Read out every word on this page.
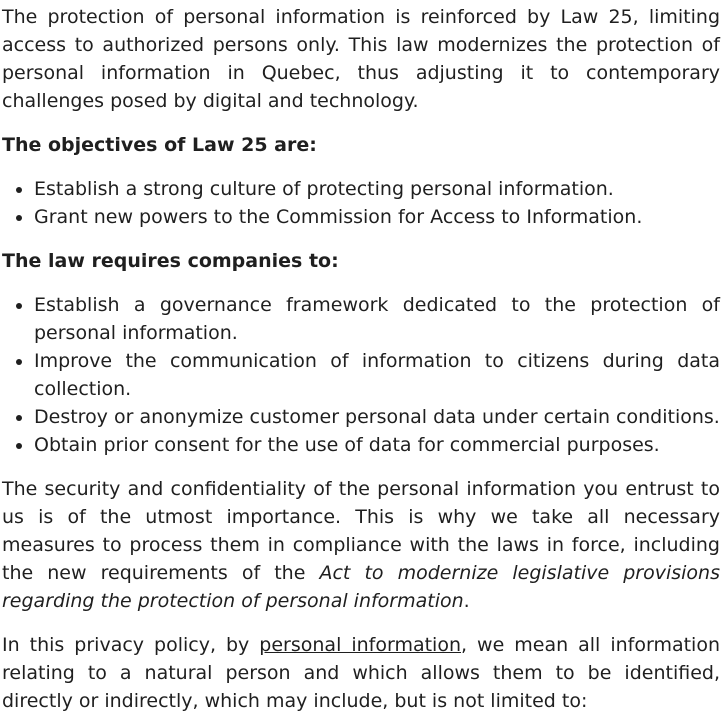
The protection of personal information is reinforced by Law 25, limiting access to authorized persons only. This law modernizes the protection of personal information in Quebec, thus adjusting it to contemporary challenges posed by digital and technology.

The objectives of Law 25 are:

• Establish a strong culture of protecting personal information.
• Grant new powers to the Commission for Access to Information.

The law requires companies to:

• Establish a governance framework dedicated to the protection of personal information.
• Improve the communication of information to citizens during data collection.
• Destroy or anonymize customer personal data under certain conditions.
• Obtain prior consent for the use of data for commercial purposes.

The security and confidentiality of the personal information you entrust to us is of the utmost importance. This is why we take all necessary measures to process them in compliance with the laws in force, including the new requirements of the Act to modernize legislative provisions regarding the protection of personal information.

In this privacy policy, by personal information, we mean all information relating to a natural person and which allows them to be identified, directly or indirectly, which may include, but is not limited to:
